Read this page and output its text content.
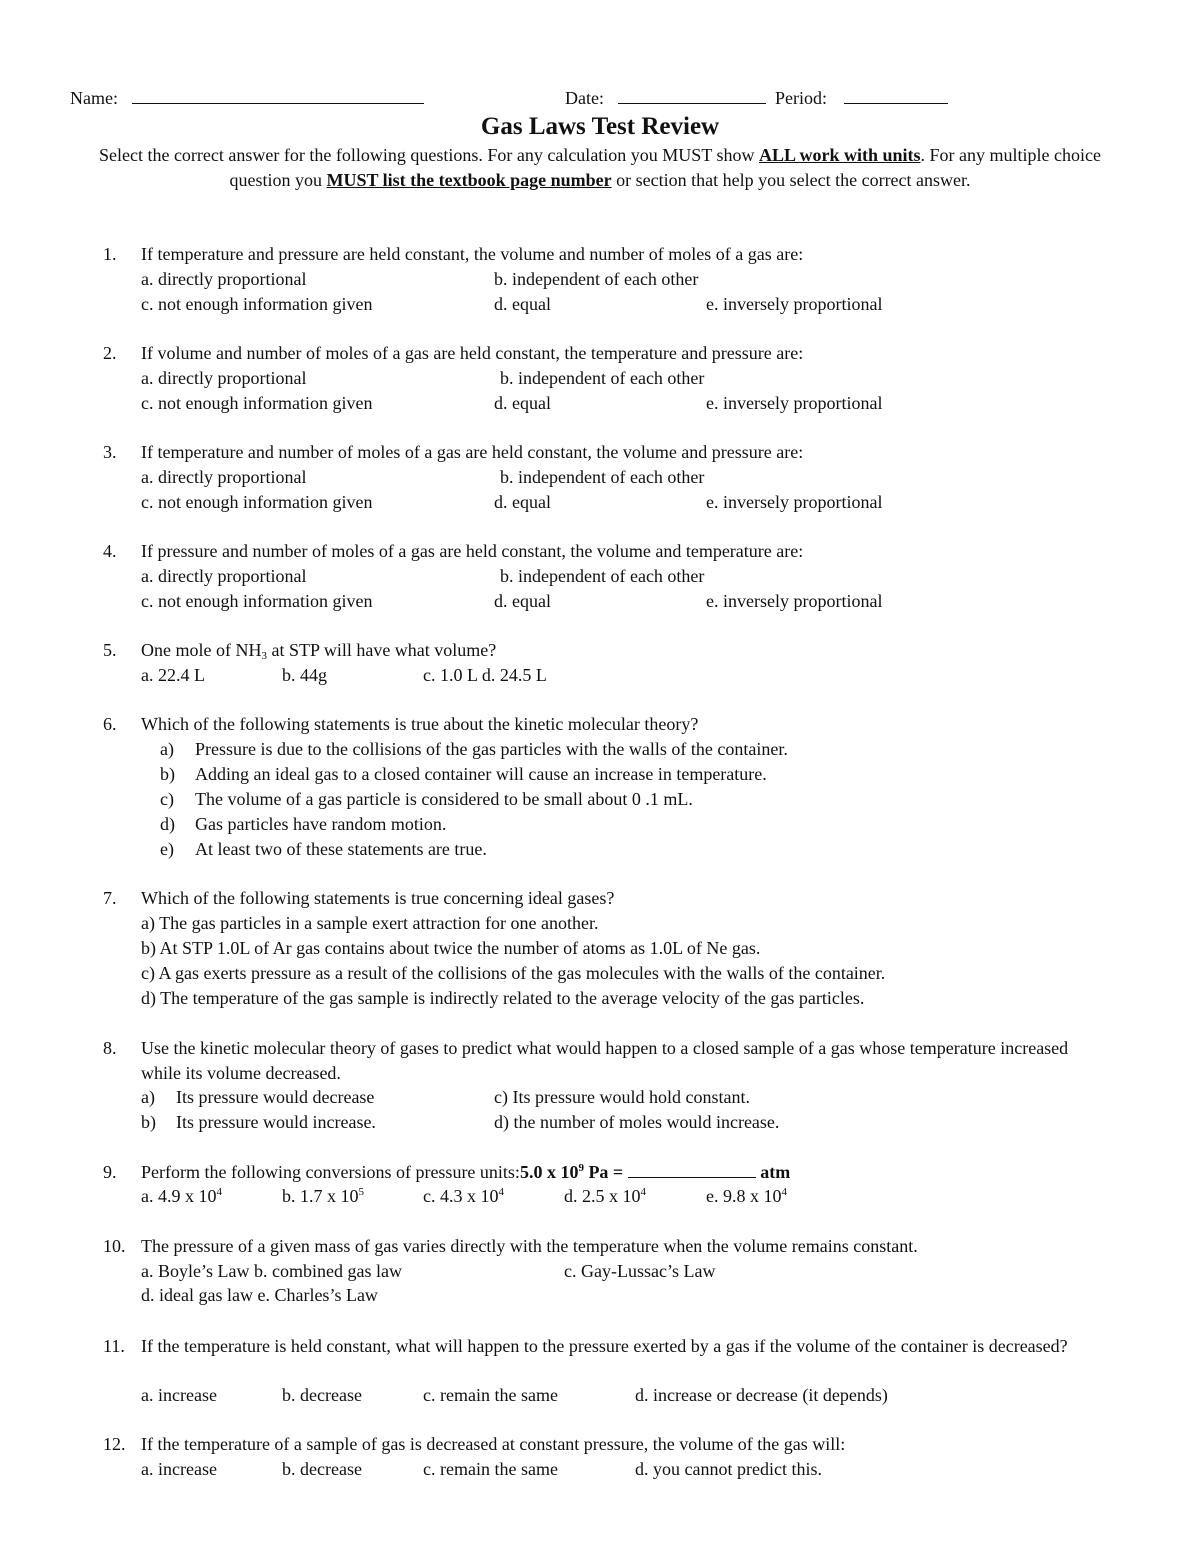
Name:	Date:	Period:
Gas Laws Test Review
Select the correct answer for the following questions. For any calculation you MUST show ALL work with units. For any multiple choice question you MUST list the textbook page number or section that help you select the correct answer.
1.	If temperature and pressure are held constant, the volume and number of moles of a gas are:
a. directly proportional	b. independent of each other
c. not enough information given	d. equal	e. inversely proportional
2.	If volume and number of moles of a gas are held constant, the temperature and pressure are:
a. directly proportional	b. independent of each other
c. not enough information given	d. equal	e. inversely proportional
3.	If temperature and number of moles of a gas are held constant, the volume and pressure are:
a. directly proportional	b. independent of each other
c. not enough information given	d. equal	e. inversely proportional
4.	If pressure and number of moles of a gas are held constant, the volume and temperature are:
a. directly proportional	b. independent of each other
c. not enough information given	d. equal	e. inversely proportional
5.	One mole of $NH_3$ at STP will have what volume?
a. 22.4 L	b. 44g	c. 1.0 L d. 24.5 L
6.	Which of the following statements is true about the kinetic molecular theory?
a) Pressure is due to the collisions of the gas particles with the walls of the container.
b) Adding an ideal gas to a closed container will cause an increase in temperature.
c) The volume of a gas particle is considered to be small about 0 .1 mL.
d) Gas particles have random motion.
e) At least two of these statements are true.
7.	Which of the following statements is true concerning ideal gases?
a) The gas particles in a sample exert attraction for one another.
b) At STP 1.0L of Ar gas contains about twice the number of atoms as 1.0L of Ne gas.
c) A gas exerts pressure as a result of the collisions of the gas molecules with the walls of the container.
d) The temperature of the gas sample is indirectly related to the average velocity of the gas particles.
8.	Use the kinetic molecular theory of gases to predict what would happen to a closed sample of a gas whose temperature increased while its volume decreased.
a) Its pressure would decrease	c) Its pressure would hold constant.
b) Its pressure would increase.	d) the number of moles would increase.
9.	Perform the following conversions of pressure units:5.0 x $10^9$ Pa =	atm
a. 4.9 x $10^4$	b. 1.7 x $10^5$	c. 4.3 x $10^4$	d. 2.5 x $10^4$	e. 9.8 x $10^4$
10. The pressure of a given mass of gas varies directly with the temperature when the volume remains constant.
a. Boyle’s Law b. combined gas law	c. Gay-Lussac’s Law
d. ideal gas law e. Charles’s Law
11. If the temperature is held constant, what will happen to the pressure exerted by a gas if the volume of the container is decreased?
a. increase	b. decrease	c. remain the same	d. increase or decrease (it depends)
12. If the temperature of a sample of gas is decreased at constant pressure, the volume of the gas will:
a. increase	b. decrease	c. remain the same	d. you cannot predict this.
